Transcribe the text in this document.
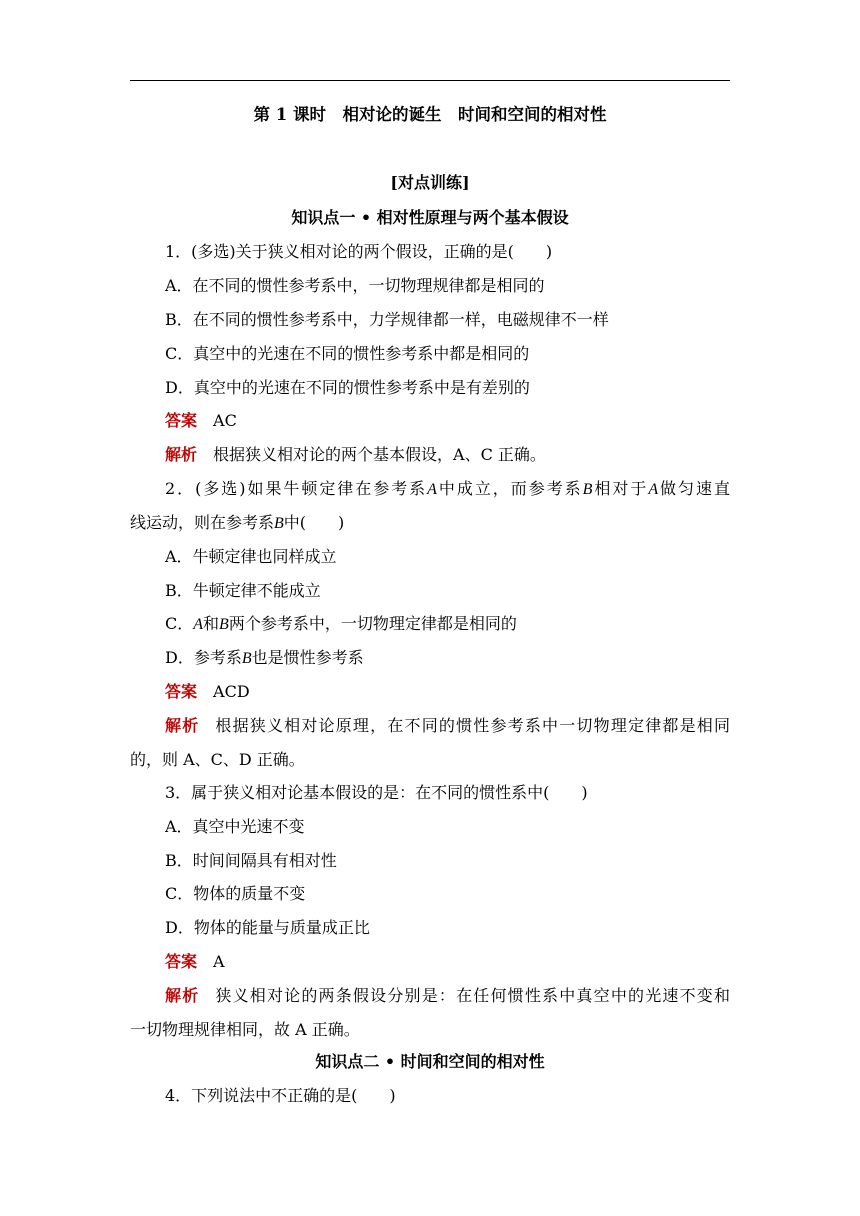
第 1 课时　相对论的诞生　时间和空间的相对性
[对点训练]
知识点一 • 相对性原理与两个基本假设
1．(多选)关于狭义相对论的两个假设，正确的是(　　)
A．在不同的惯性参考系中，一切物理规律都是相同的
B．在不同的惯性参考系中，力学规律都一样，电磁规律不一样
C．真空中的光速在不同的惯性参考系中都是相同的
D．真空中的光速在不同的惯性参考系中是有差别的
答案 AC
解析 根据狭义相对论的两个基本假设，A、C 正确。
2．(多选)如果牛顿定律在参考系A中成立，而参考系B相对于A做匀速直
线运动，则在参考系B中(　　)
A．牛顿定律也同样成立
B．牛顿定律不能成立
C．A和B两个参考系中，一切物理定律都是相同的
D．参考系B也是惯性参考系
答案 ACD
解析 根据狭义相对论原理，在不同的惯性参考系中一切物理定律都是相同
的，则 A、C、D 正确。
3．属于狭义相对论基本假设的是：在不同的惯性系中(　　)
A．真空中光速不变
B．时间间隔具有相对性
C．物体的质量不变
D．物体的能量与质量成正比
答案 A
解析 狭义相对论的两条假设分别是：在任何惯性系中真空中的光速不变和
一切物理规律相同，故 A 正确。
知识点二 • 时间和空间的相对性
4．下列说法中不正确的是(　　)
